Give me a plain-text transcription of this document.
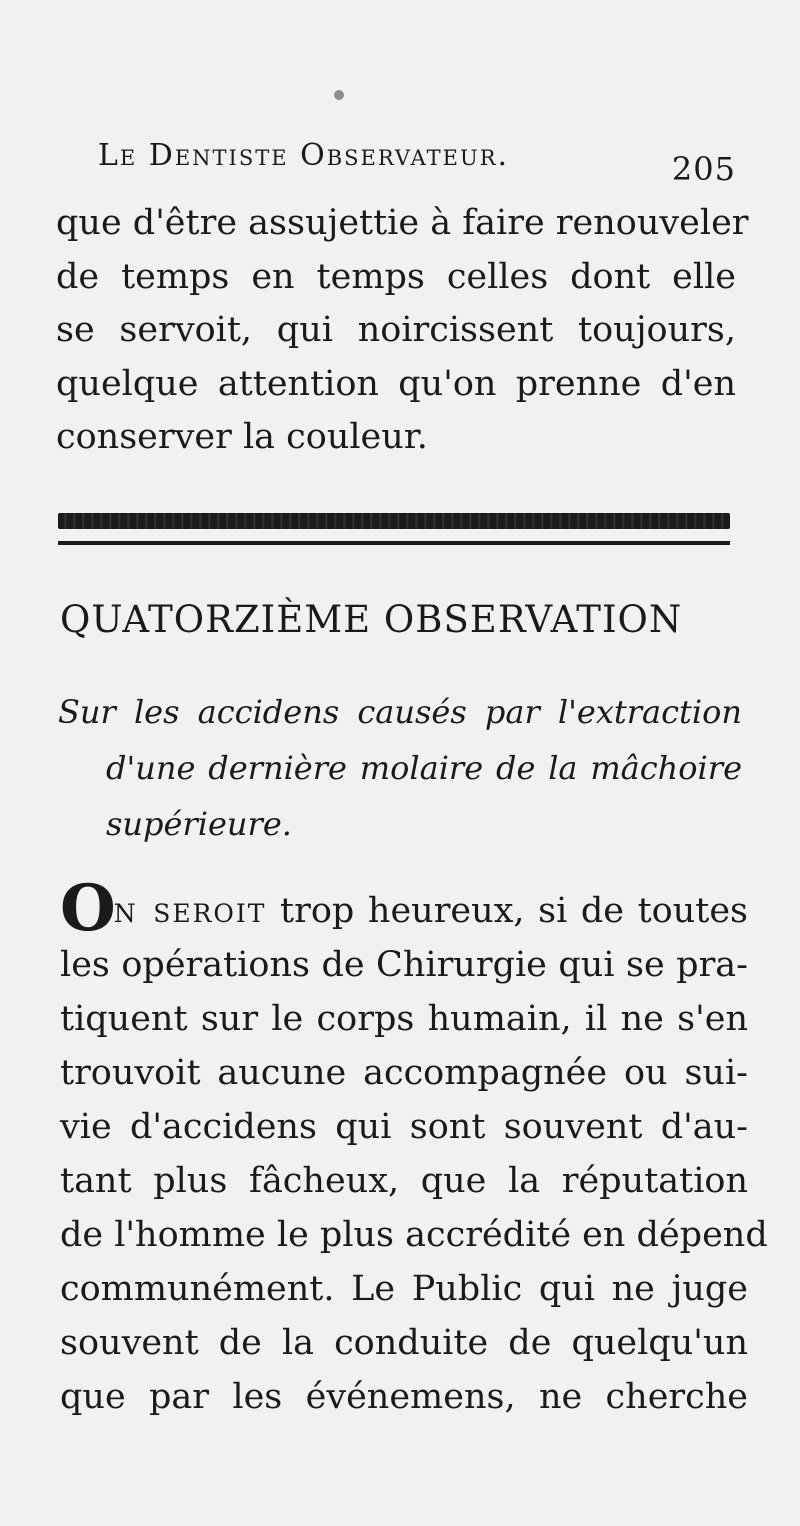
Le Dentiste Observateur.	205
que d'être assujettie à faire renouveler
de temps en temps celles dont elle
se servoit, qui noircissent toujours,
quelque attention qu'on prenne d'en
conserver la couleur.
QUATORZIÈME OBSERVATION
Sur les accidens causés par l'extraction
d'une dernière molaire de la mâchoire
supérieure.
On seroit trop heureux, si de toutes
les opérations de Chirurgie qui se pra-
tiquent sur le corps humain, il ne s'en
trouvoit aucune accompagnée ou sui-
vie d'accidens qui sont souvent d'au-
tant plus fâcheux, que la réputation
de l'homme le plus accrédité en dépend
communément. Le Public qui ne juge
souvent de la conduite de quelqu'un
que par les événemens, ne cherche
